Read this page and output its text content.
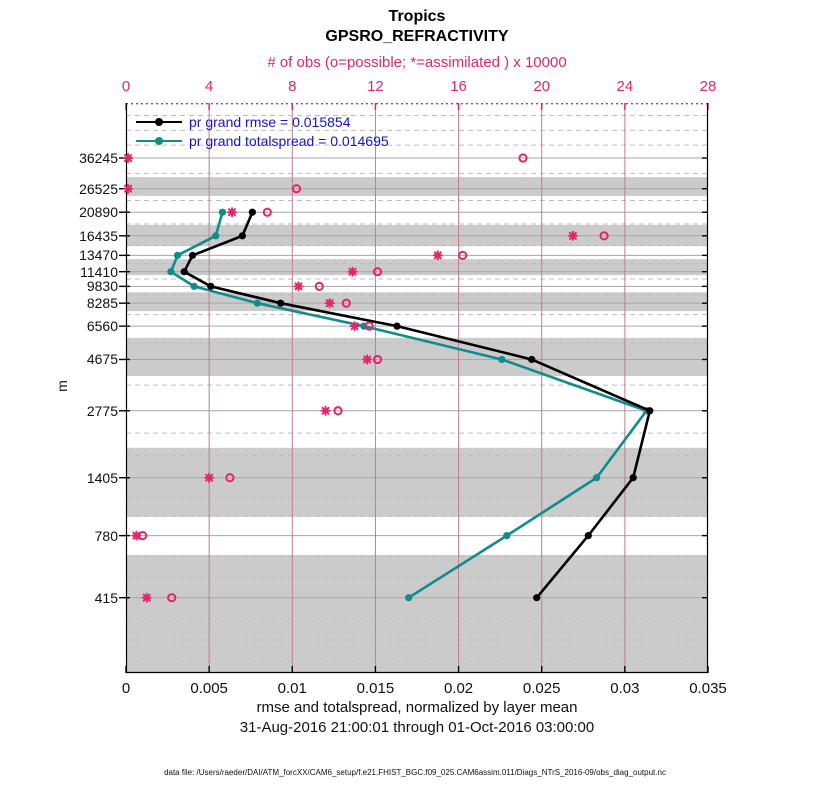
Tropics
GPSRO_REFRACTIVITY
# of obs (o=possible; *=assimilated ) x 10000
pr grand rmse = 0.015854
pr grand totalspread = 0.014695
m
rmse and totalspread, normalized by layer mean
31-Aug-2016 21:00:01 through 01-Oct-2016 03:00:00
data file: /Users/raeder/DAI/ATM_forcXX/CAM6_setup/f.e21.FHIST_BGC.f09_025.CAM6assim.011/Diags_NTrS_2016-09/obs_diag_output.nc
36245
26525
20890
16435
13470
11410
9830
8285
6560
4675
2775
1405
780
415
0
0
4
0.005
8
0.01
12
0.015
16
0.02
20
0.025
24
0.03
28
0.035
